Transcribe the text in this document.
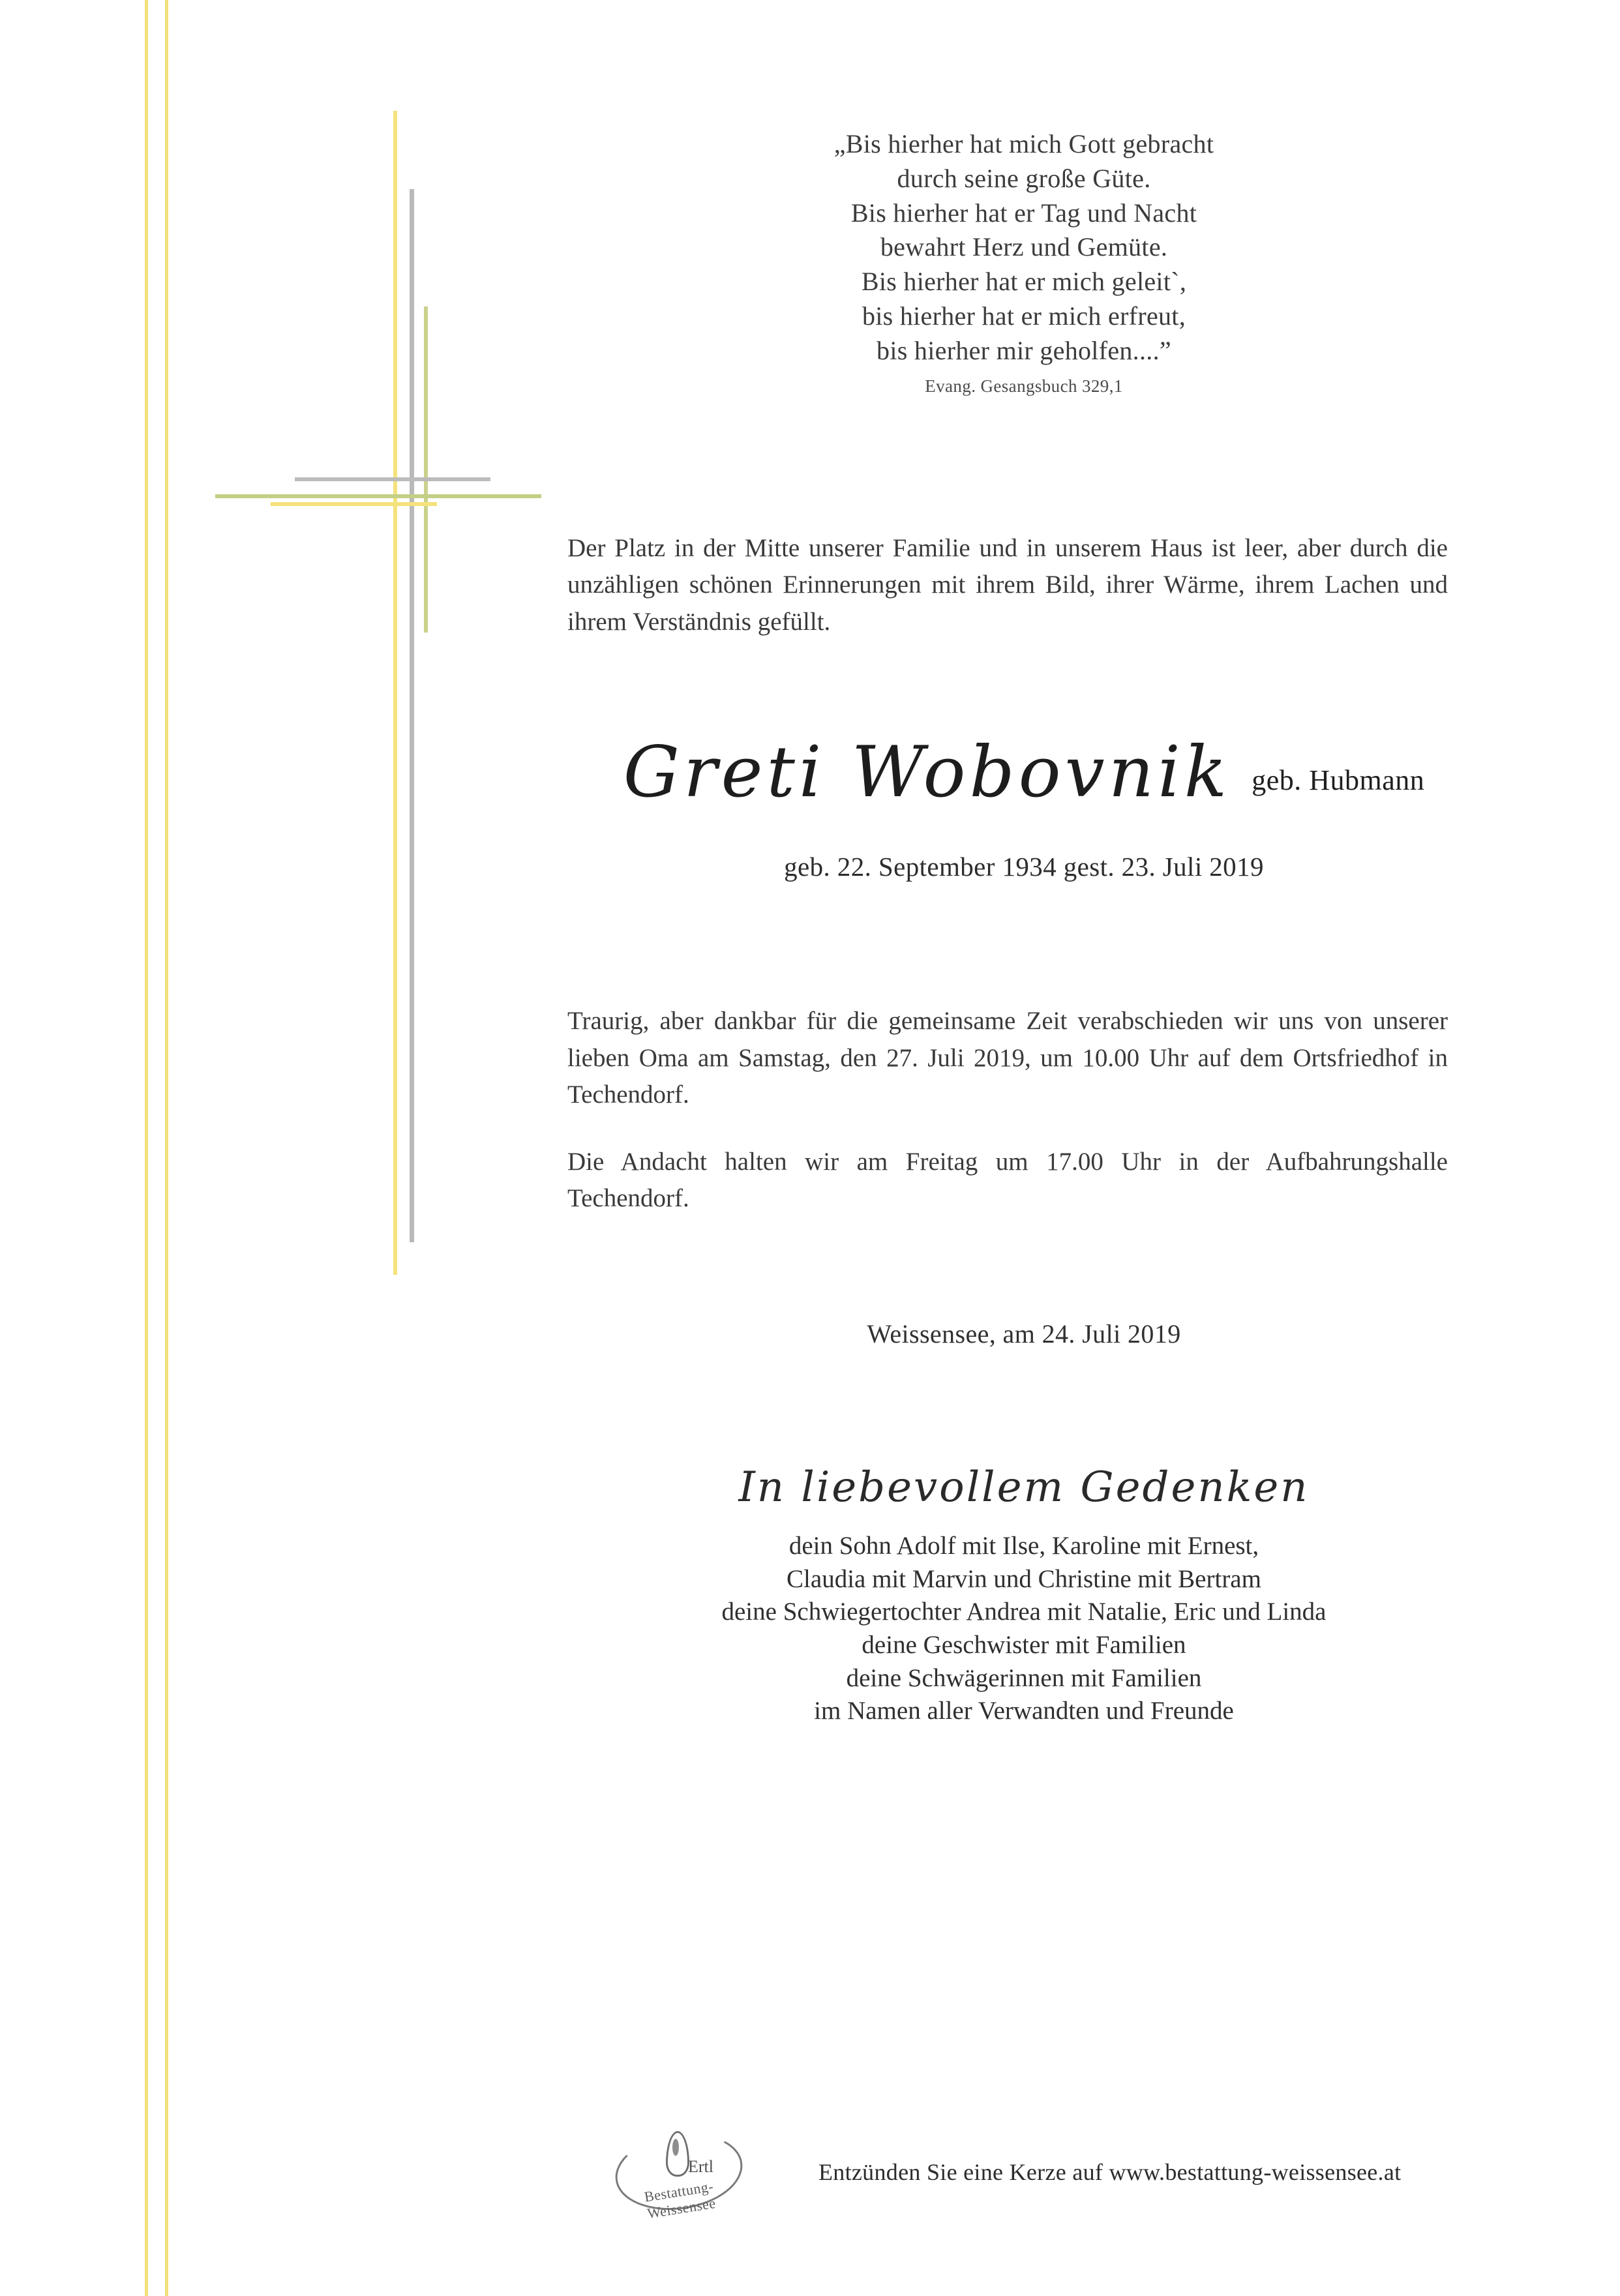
„Bis hierher hat mich Gott gebracht
durch seine große Güte.
Bis hierher hat er Tag und Nacht
bewahrt Herz und Gemüte.
Bis hierher hat er mich geleit`,
bis hierher hat er mich erfreut,
bis hierher mir geholfen....”
Evang. Gesangsbuch 329,1

Der Platz in der Mitte unserer Familie und in unserem Haus ist leer, aber durch die unzähligen schönen Erinnerungen mit ihrem Bild, ihrer Wärme, ihrem Lachen und ihrem Verständnis gefüllt.

Greti Wobovnik geb. Hubmann
geb. 22. September 1934 gest. 23. Juli 2019

Traurig, aber dankbar für die gemeinsame Zeit verabschieden wir uns von unserer lieben Oma am Samstag, den 27. Juli 2019, um 10.00 Uhr auf dem Ortsfriedhof in Techendorf.

Die Andacht halten wir am Freitag um 17.00 Uhr in der Aufbahrungshalle Techendorf.

Weissensee, am 24. Juli 2019
In liebevollem Gedenken
dein Sohn Adolf mit Ilse, Karoline mit Ernest,
Claudia mit Marvin und Christine mit Bertram
deine Schwiegertochter Andrea mit Natalie, Eric und Linda
deine Geschwister mit Familien
deine Schwägerinnen mit Familien
im Namen aller Verwandten und Freunde
Ertl
Bestattung-Weissensee
Entzünden Sie eine Kerze auf www.bestattung-weissensee.at
